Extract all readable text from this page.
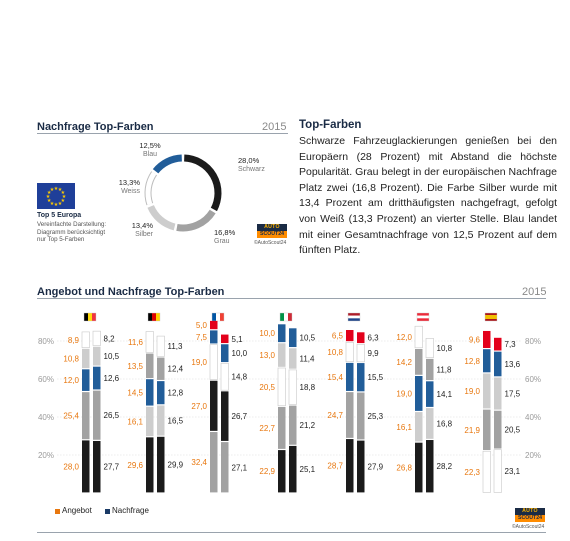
Nachfrage Top-Farben	2015
28,0%
Schwarz
16,8%
Grau
13,4%
Silber
13,3%
Weiss
12,5%
Blau
★
★
★
★
★
★
★
★
★ ★ ★
★
Top 5 Europa
Vereinfachte Darstellung:
Diagramm berücksichtigt
nur Top 5-Farben
AUTO
SCOUT24
©AutoScout24
Top-Farben
Schwarze Fahrzeuglackierungen genießen bei den Europäern (28 Prozent) mit Abstand die höchste Popularität. Grau belegt in der europäischen Nachfrage Platz zwei (16,8 Prozent). Die Farbe Silber wurde mit 13,4 Prozent am dritthäufigsten nachgefragt, gefolgt von Weiß (13,3 Prozent) an vierter Stelle. Blau landet mit einer Gesamtnachfrage von 12,5 Prozent auf dem fünften Platz.
Angebot und Nachfrage Top-Farben	2015
20%	20%
40%	40%
60%	60%
80%	80%
28,0
25,4
12,0
10,8
8,9
27,7
26,5
12,6
10,5
8,2
29,6
16,1
14,5
13,5
11,6
29,9
16,5
12,8
12,4
11,3
32,4
27,0
19,0
7,5
5,0
27,1
26,7
14,8
10,0
5,1
22,9
22,7
20,5
13,0
10,0
25,1
21,2
18,8
11,4
10,5
28,7
24,7
15,4
10,8
6,5
27,9
25,3
15,5
9,9
6,3
26,8
16,1
19,0
14,2
12,0
28,2
16,8
14,1
11,8
10,8
22,3
21,9
19,0
12,8
9,6
23,1
20,5
17,5
13,6
7,3
Angebot	Nachfrage	AUTO
SCOUT24
©AutoScout24
